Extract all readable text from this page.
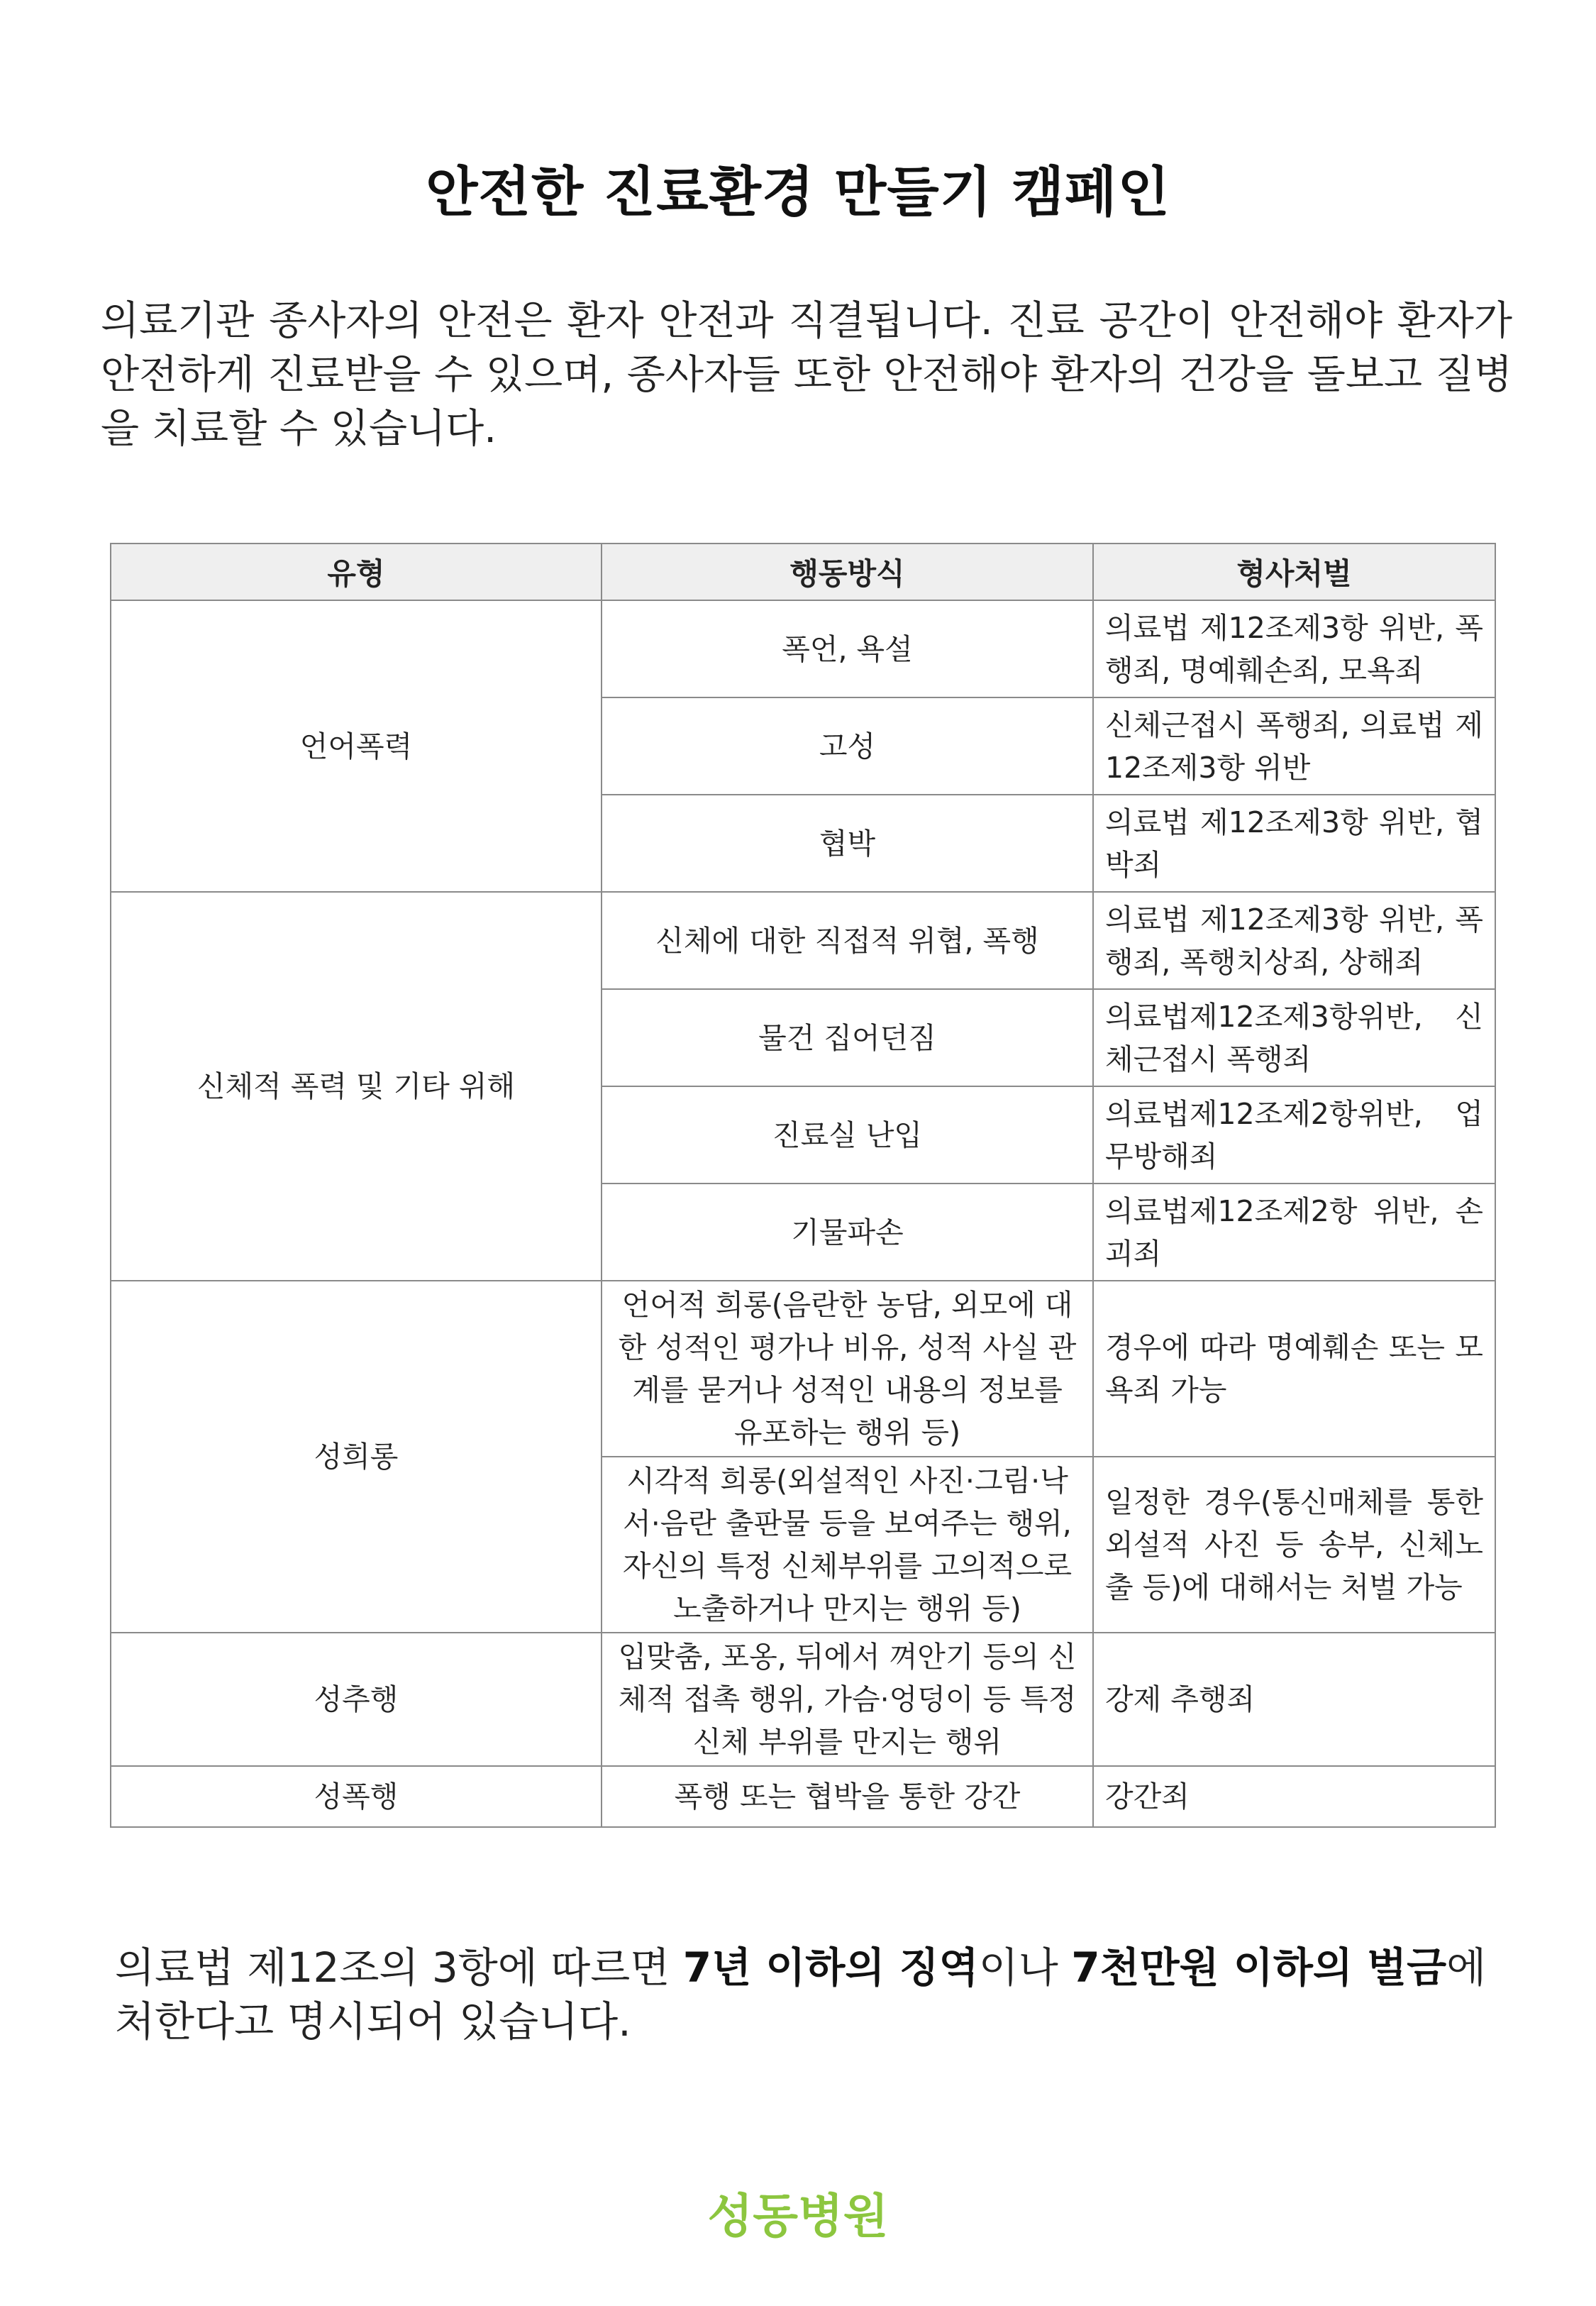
안전한 진료환경 만들기 캠페인
의료기관 종사자의 안전은 환자 안전과 직결됩니다. 진료 공간이 안전해야 환자가 안전하게 진료받을 수 있으며, 종사자들 또한 안전해야 환자의 건강을 돌보고 질병을 치료할 수 있습니다.
유형	행동방식	형사처벌
언어폭력	폭언, 욕설	의료법 제12조제3항 위반, 폭행죄, 명예훼손죄, 모욕죄
	고성	신체근접시 폭행죄, 의료법 제12조제3항 위반
	협박	의료법 제12조제3항 위반, 협박죄
신체적 폭력 및 기타 위해	신체에 대한 직접적 위협, 폭행	의료법 제12조제3항 위반, 폭행죄, 폭행치상죄, 상해죄
	물건 집어던짐	의료법제12조제3항위반, 신체근접시 폭행죄
	진료실 난입	의료법제12조제2항위반, 업무방해죄
	기물파손	의료법제12조제2항 위반, 손괴죄
성희롱	언어적 희롱(음란한 농담, 외모에 대한 성적인 평가나 비유, 성적 사실 관계를 묻거나 성적인 내용의 정보를 유포하는 행위 등)	경우에 따라 명예훼손 또는 모욕죄 가능
	시각적 희롱(외설적인 사진·그림·낙서·음란 출판물 등을 보여주는 행위, 자신의 특정 신체부위를 고의적으로 노출하거나 만지는 행위 등)	일정한 경우(통신매체를 통한 외설적 사진 등 송부, 신체노출 등)에 대해서는 처벌 가능
성추행	입맞춤, 포옹, 뒤에서 껴안기 등의 신체적 접촉 행위, 가슴·엉덩이 등 특정 신체 부위를 만지는 행위	강제 추행죄
성폭행	폭행 또는 협박을 통한 강간	강간죄
의료법 제12조의 3항에 따르면 7년 이하의 징역이나 7천만원 이하의 벌금에 처한다고 명시되어 있습니다.
성동병원
